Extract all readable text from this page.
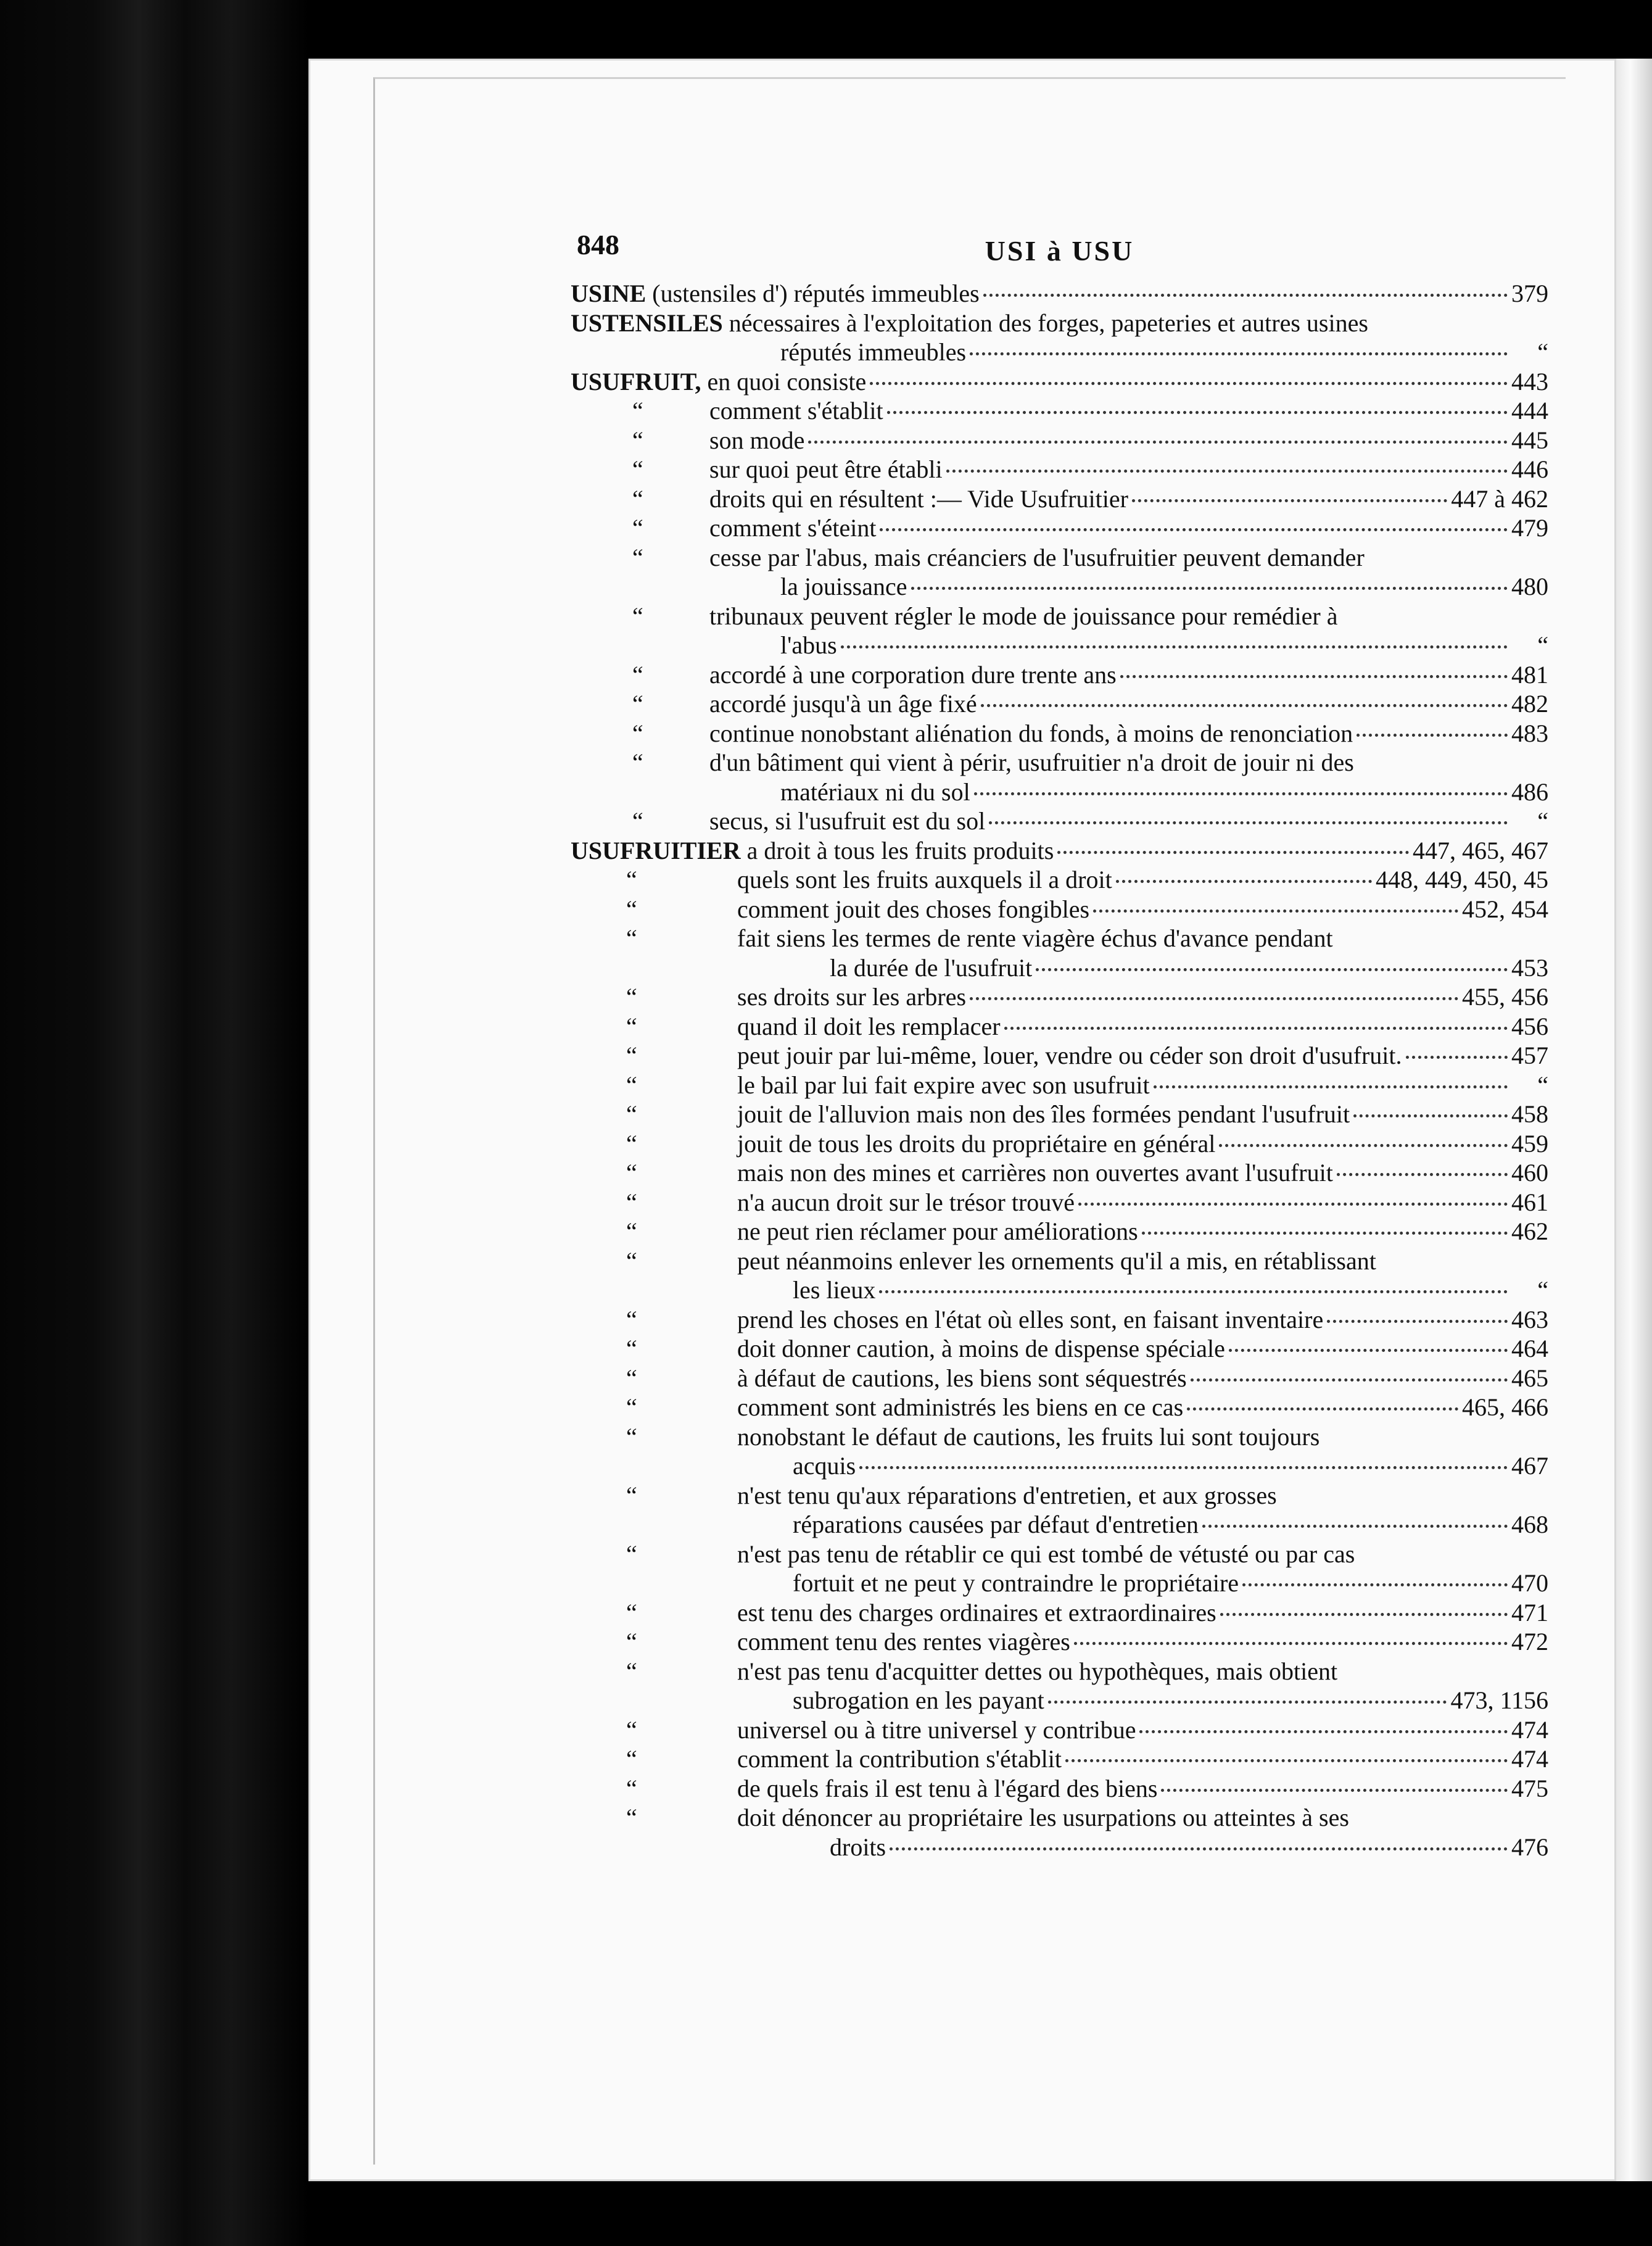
848	USI à USU
USINE (ustensiles d') réputés immeubles	379
USTENSILES nécessaires à l'exploitation des forges, papeteries et autres usines
réputés immeubles	“
USUFRUIT, en quoi consiste	443
“	comment s'établit	444
“	son mode	445
“	sur quoi peut être établi	446
“	droits qui en résultent :— Vide Usufruitier	447 à 462
“	comment s'éteint	479
“	cesse par l'abus, mais créanciers de l'usufruitier peuvent demander
la jouissance	480
“	tribunaux peuvent régler le mode de jouissance pour remédier à
l'abus	“
“	accordé à une corporation dure trente ans	481
“	accordé jusqu'à un âge fixé	482
“	continue nonobstant aliénation du fonds, à moins de renonciation	483
“	d'un bâtiment qui vient à périr, usufruitier n'a droit de jouir ni des
matériaux ni du sol	486
“	secus, si l'usufruit est du sol	“
USUFRUITIER a droit à tous les fruits produits	447, 465, 467
“	quels sont les fruits auxquels il a droit	448, 449, 450, 45
“	comment jouit des choses fongibles	452, 454
“	fait siens les termes de rente viagère échus d'avance pendant
la durée de l'usufruit	453
“	ses droits sur les arbres	455, 456
“	quand il doit les remplacer	456
“	peut jouir par lui-même, louer, vendre ou céder son droit d'usufruit.	457
“	le bail par lui fait expire avec son usufruit	“
“	jouit de l'alluvion mais non des îles formées pendant l'usufruit	458
“	jouit de tous les droits du propriétaire en général	459
“	mais non des mines et carrières non ouvertes avant l'usufruit	460
“	n'a aucun droit sur le trésor trouvé	461
“	ne peut rien réclamer pour améliorations	462
“	peut néanmoins enlever les ornements qu'il a mis, en rétablissant
les lieux	“
“	prend les choses en l'état où elles sont, en faisant inventaire	463
“	doit donner caution, à moins de dispense spéciale	464
“	à défaut de cautions, les biens sont séquestrés	465
“	comment sont administrés les biens en ce cas	465, 466
“	nonobstant le défaut de cautions, les fruits lui sont toujours
acquis	467
“	n'est tenu qu'aux réparations d'entretien, et aux grosses
réparations causées par défaut d'entretien	468
“	n'est pas tenu de rétablir ce qui est tombé de vétusté ou par cas
fortuit et ne peut y contraindre le propriétaire	470
“	est tenu des charges ordinaires et extraordinaires	471
“	comment tenu des rentes viagères	472
“	n'est pas tenu d'acquitter dettes ou hypothèques, mais obtient
subrogation en les payant	473, 1156
“	universel ou à titre universel y contribue	474
“	comment la contribution s'établit	474
“	de quels frais il est tenu à l'égard des biens	475
“	doit dénoncer au propriétaire les usurpations ou atteintes à ses
droits	476
